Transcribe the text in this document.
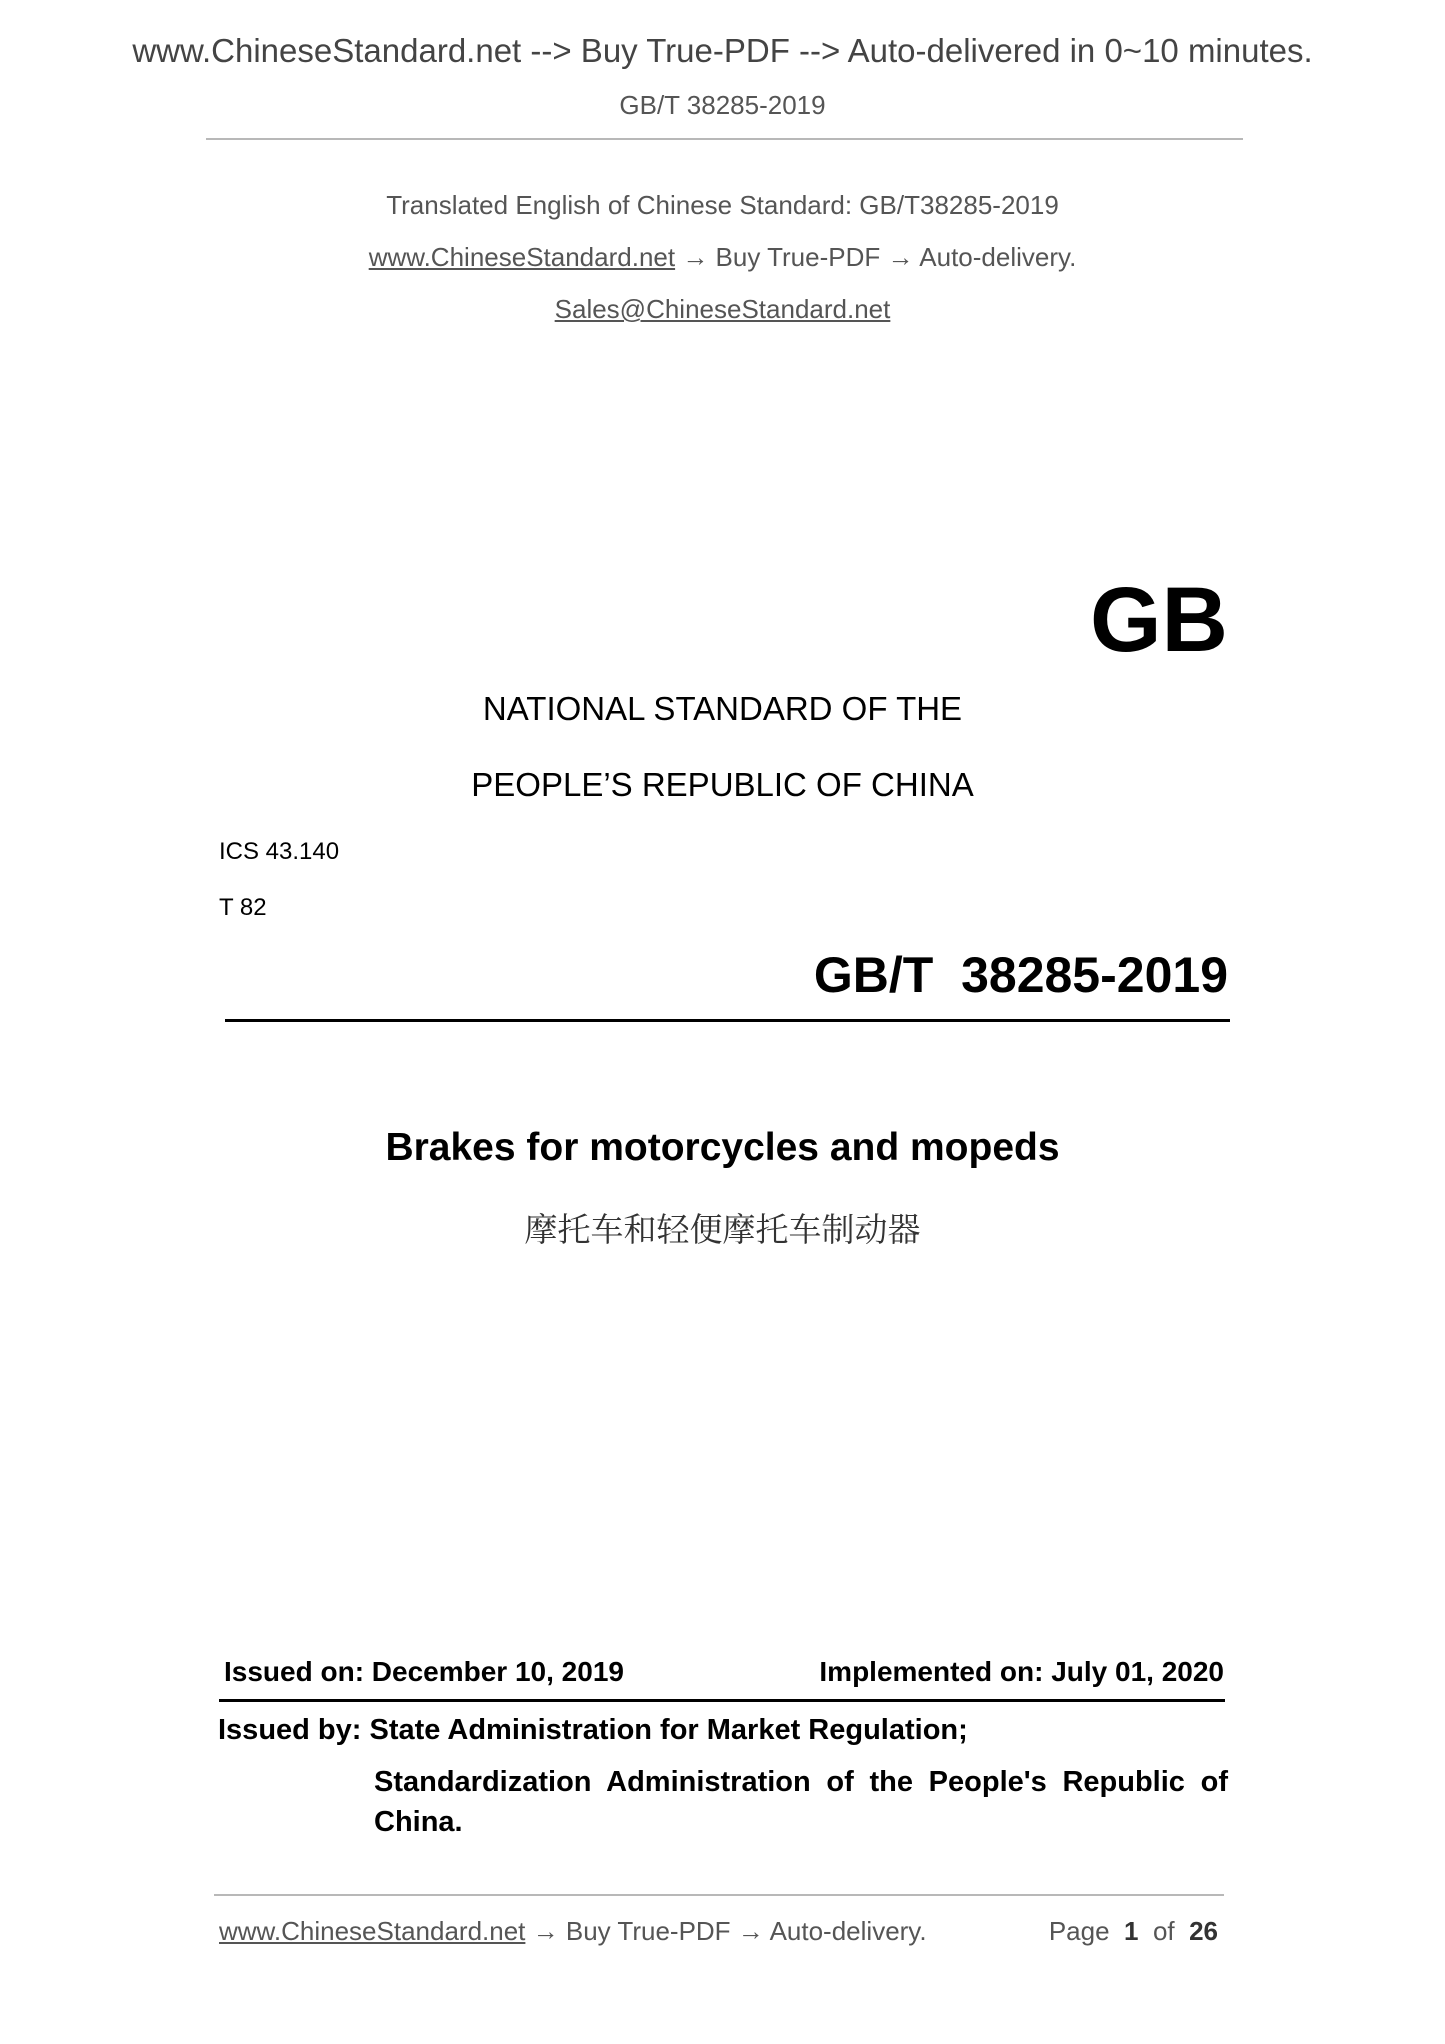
www.ChineseStandard.net --> Buy True-PDF --> Auto-delivered in 0~10 minutes.
GB/T 38285-2019
Translated English of Chinese Standard: GB/T38285-2019
www.ChineseStandard.net → Buy True-PDF → Auto-delivery.
Sales@ChineseStandard.net
GB
NATIONAL STANDARD OF THE
PEOPLE’S REPUBLIC OF CHINA
ICS 43.140
T 82
GB/T  38285-2019
Brakes for motorcycles and mopeds
摩托车和轻便摩托车制动器
Issued on: December 10, 2019	Implemented on: July 01, 2020
Issued by: State Administration for Market Regulation;
Standardization Administration of the People's Republic of China.
www.ChineseStandard.net → Buy True-PDF → Auto-delivery.	Page 1 of 26
